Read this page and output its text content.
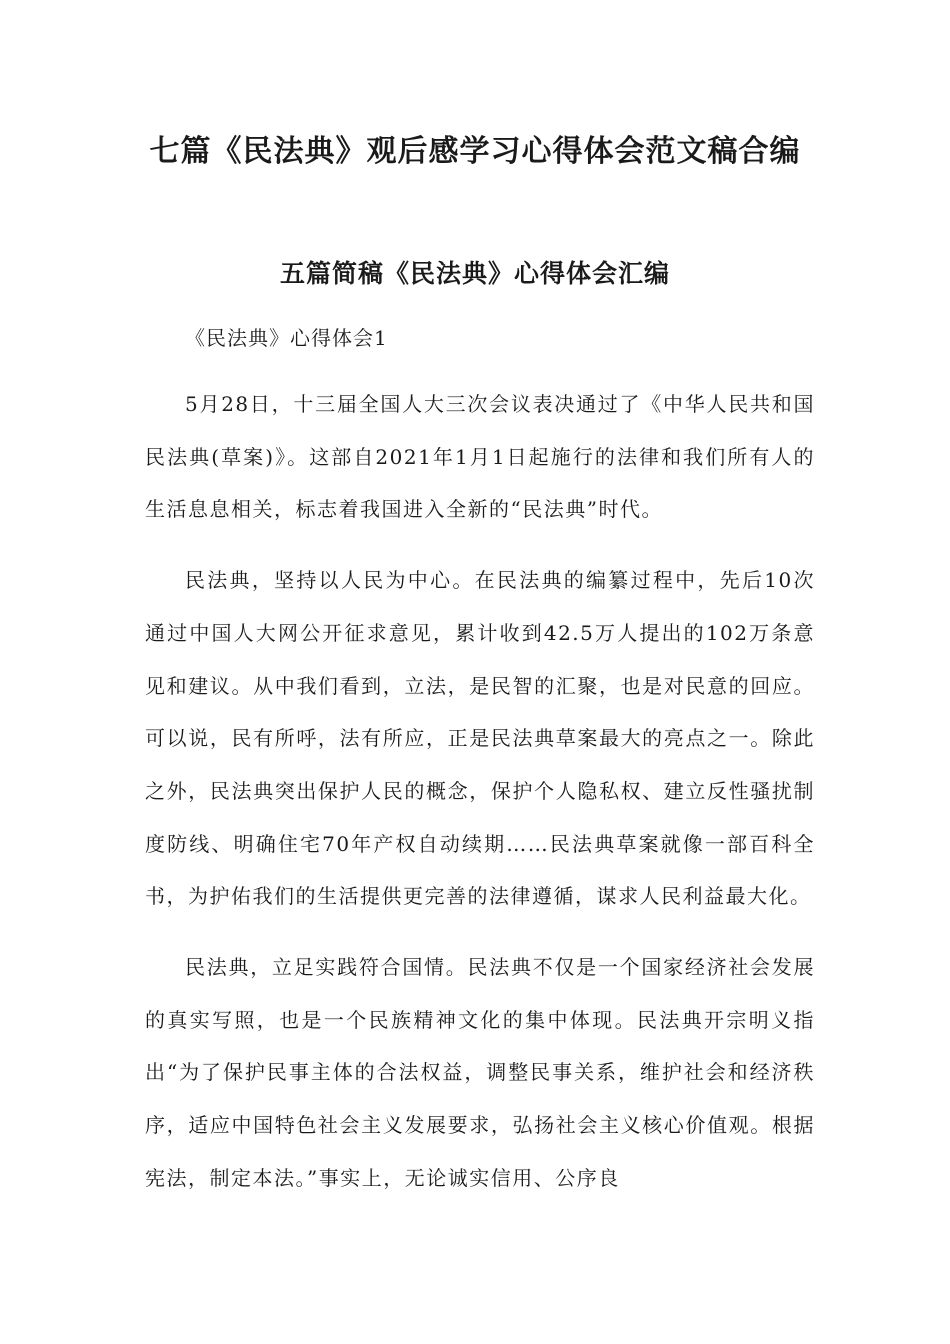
七篇《民法典》观后感学习心得体会范文稿合编
五篇简稿《民法典》心得体会汇编

《民法典》心得体会1

5月28日，十三届全国人大三次会议表决通过了《中华人民共和国民法典(草案)》。这部自2021年1月1日起施行的法律和我们所有人的生活息息相关，标志着我国进入全新的“民法典”时代。

民法典，坚持以人民为中心。在民法典的编纂过程中，先后10次通过中国人大网公开征求意见，累计收到42.5万人提出的102万条意见和建议。从中我们看到，立法，是民智的汇聚，也是对民意的回应。可以说，民有所呼，法有所应，正是民法典草案最大的亮点之一。除此之外，民法典突出保护人民的概念，保护个人隐私权、建立反性骚扰制度防线、明确住宅70年产权自动续期……民法典草案就像一部百科全书，为护佑我们的生活提供更完善的法律遵循，谋求人民利益最大化。

民法典，立足实践符合国情。民法典不仅是一个国家经济社会发展的真实写照，也是一个民族精神文化的集中体现。民法典开宗明义指出“为了保护民事主体的合法权益，调整民事关系，维护社会和经济秩序，适应中国特色社会主义发展要求，弘扬社会主义核心价值观。根据宪法，制定本法。”事实上，无论诚实信用、公序良
